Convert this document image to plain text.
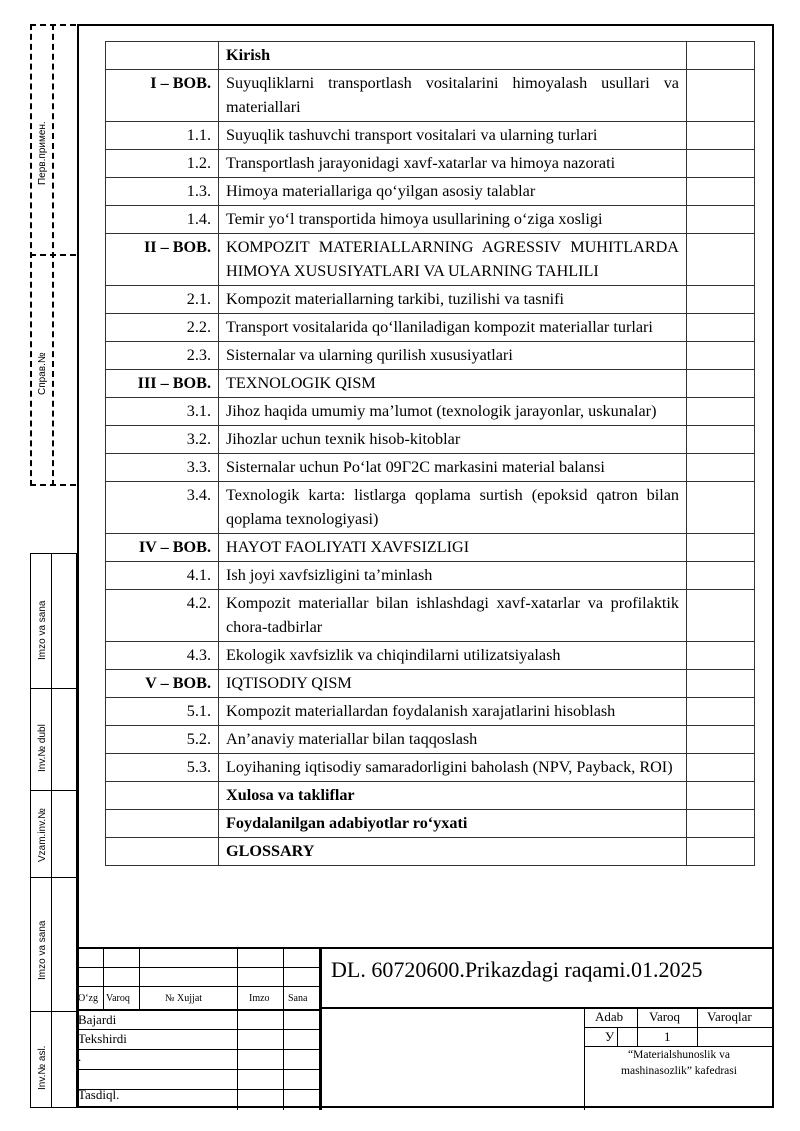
Перв.примен.
Справ.№
Imzo va sana
Inv.№ dubl
Vzam.inv.№
Imzo va sana
Inv.№ asl.
	Kirish	
I – BOB.	Suyuqliklarni transportlash vositalarini himoyalash usullari va materiallari	
1.1.	Suyuqlik tashuvchi transport vositalari va ularning turlari	
1.2.	Transportlash jarayonidagi xavf-xatarlar va himoya nazorati	
1.3.	Himoya materiallariga qo‘yilgan asosiy talablar	
1.4.	Temir yo‘l transportida himoya usullarining o‘ziga xosligi	
II – BOB.	KOMPOZIT MATERIALLARNING AGRESSIV MUHITLARDA HIMOYA XUSUSIYATLARI VA ULARNING TAHLILI	
2.1.	Kompozit materiallarning tarkibi, tuzilishi va tasnifi	
2.2.	Transport vositalarida qo‘llaniladigan kompozit materiallar turlari	
2.3.	Sisternalar va ularning qurilish xususiyatlari	
III – BOB.	TEXNOLOGIK QISM	
3.1.	Jihoz haqida umumiy ma’lumot (texnologik jarayonlar, uskunalar)	
3.2.	Jihozlar uchun texnik hisob-kitoblar	
3.3.	Sisternalar uchun Po‘lat 09Г2С markasini material balansi	
3.4.	Texnologik karta: listlarga qoplama surtish (epoksid qatron bilan qoplama texnologiyasi)	
IV – BOB.	HAYOT FAOLIYATI XAVFSIZLIGI	
4.1.	Ish joyi xavfsizligini ta’minlash	
4.2.	Kompozit materiallar bilan ishlashdagi xavf-xatarlar va profilaktik chora-tadbirlar	
4.3.	Ekologik xavfsizlik va chiqindilarni utilizatsiyalash	
V – BOB.	IQTISODIY QISM	
5.1.	Kompozit materiallardan foydalanish xarajatlarini hisoblash	
5.2.	An’anaviy materiallar bilan taqqoslash	
5.3.	Loyihaning iqtisodiy samaradorligini baholash (NPV, Payback, ROI)	
	Xulosa va takliflar	
	Foydalanilgan adabiyotlar ro‘yxati	
	GLOSSARY	
DL. 60720600.Prikazdagi raqami.01.2025
O‘zg Varoq	№ Xujjat	Imzo Sana
Bajardi
Tekshirdi
.
Tasdiql.
Adab Varoq Varoqlar
У	1
“Materialshunoslik va
mashinasozlik” kafedrasi
